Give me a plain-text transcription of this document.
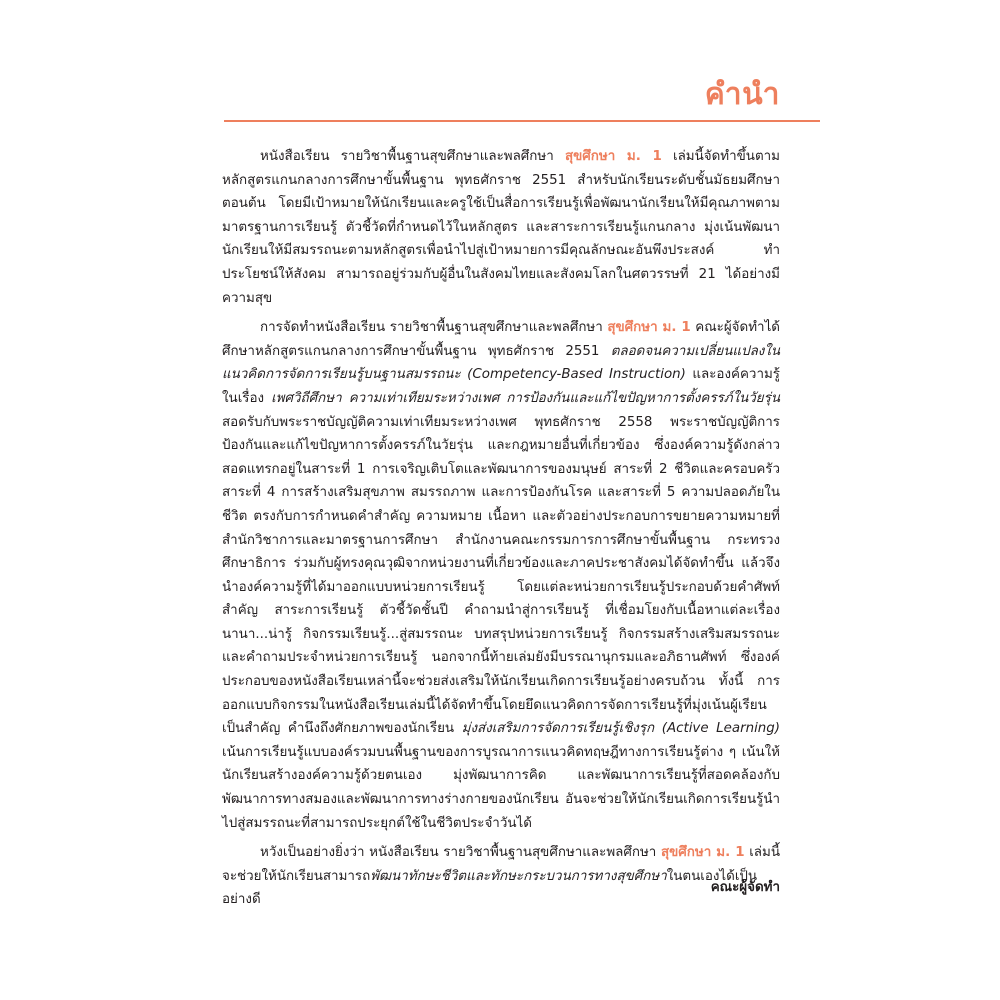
คำนำ

หนังสือเรียน รายวิชาพื้นฐานสุขศึกษาและพลศึกษา สุขศึกษา ม. 1 เล่มนี้จัดทำขึ้นตามหลักสูตรแกนกลางการศึกษาขั้นพื้นฐาน พุทธศักราช 2551 สำหรับนักเรียนระดับชั้นมัธยมศึกษาตอนต้น โดยมีเป้าหมายให้นักเรียนและครูใช้เป็นสื่อการเรียนรู้เพื่อพัฒนานักเรียนให้มีคุณภาพตามมาตรฐานการเรียนรู้ ตัวชี้วัดที่กำหนดไว้ในหลักสูตร และสาระการเรียนรู้แกนกลาง มุ่งเน้นพัฒนานักเรียนให้มีสมรรถนะตามหลักสูตรเพื่อนำไปสู่เป้าหมายการมีคุณลักษณะอันพึงประสงค์ ทำประโยชน์ให้สังคม สามารถอยู่ร่วมกับผู้อื่นในสังคมไทยและสังคมโลกในศตวรรษที่ 21 ได้อย่างมีความสุข

การจัดทำหนังสือเรียน รายวิชาพื้นฐานสุขศึกษาและพลศึกษา สุขศึกษา ม. 1 คณะผู้จัดทำได้ศึกษาหลักสูตรแกนกลางการศึกษาขั้นพื้นฐาน พุทธศักราช 2551 ตลอดจนความเปลี่ยนแปลงในแนวคิดการจัดการเรียนรู้บนฐานสมรรถนะ (Competency-Based Instruction) และองค์ความรู้ในเรื่อง เพศวิถีศึกษา ความเท่าเทียมระหว่างเพศ การป้องกันและแก้ไขปัญหาการตั้งครรภ์ในวัยรุ่น สอดรับกับพระราชบัญญัติความเท่าเทียมระหว่างเพศ พุทธศักราช 2558 พระราชบัญญัติการป้องกันและแก้ไขปัญหาการตั้งครรภ์ในวัยรุ่น และกฎหมายอื่นที่เกี่ยวข้อง ซึ่งองค์ความรู้ดังกล่าวสอดแทรกอยู่ในสาระที่ 1 การเจริญเติบโตและพัฒนาการของมนุษย์ สาระที่ 2 ชีวิตและครอบครัว สาระที่ 4 การสร้างเสริมสุขภาพ สมรรถภาพ และการป้องกันโรค และสาระที่ 5 ความปลอดภัยในชีวิต ตรงกับการกำหนดคำสำคัญ ความหมาย เนื้อหา และตัวอย่างประกอบการขยายความหมายที่สำนักวิชาการและมาตรฐานการศึกษา สำนักงานคณะกรรมการการศึกษาขั้นพื้นฐาน กระทรวงศึกษาธิการ ร่วมกับผู้ทรงคุณวุฒิจากหน่วยงานที่เกี่ยวข้องและภาคประชาสังคมได้จัดทำขึ้น แล้วจึงนำองค์ความรู้ที่ได้มาออกแบบหน่วยการเรียนรู้ โดยแต่ละหน่วยการเรียนรู้ประกอบด้วยคำศัพท์สำคัญ สาระการเรียนรู้ ตัวชี้วัดชั้นปี คำถามนำสู่การเรียนรู้ ที่เชื่อมโยงกับเนื้อหาแต่ละเรื่อง นานา...น่ารู้ กิจกรรมเรียนรู้...สู่สมรรถนะ บทสรุปหน่วยการเรียนรู้ กิจกรรมสร้างเสริมสมรรถนะ และคำถามประจำหน่วยการเรียนรู้ นอกจากนี้ท้ายเล่มยังมีบรรณานุกรมและอภิธานศัพท์ ซึ่งองค์ประกอบของหนังสือเรียนเหล่านี้จะช่วยส่งเสริมให้นักเรียนเกิดการเรียนรู้อย่างครบถ้วน ทั้งนี้ การออกแบบกิจกรรมในหนังสือเรียนเล่มนี้ได้จัดทำขึ้นโดยยึดแนวคิดการจัดการเรียนรู้ที่มุ่งเน้นผู้เรียนเป็นสำคัญ คำนึงถึงศักยภาพของนักเรียน มุ่งส่งเสริมการจัดการเรียนรู้เชิงรุก (Active Learning) เน้นการเรียนรู้แบบองค์รวมบนพื้นฐานของการบูรณาการแนวคิดทฤษฎีทางการเรียนรู้ต่าง ๆ เน้นให้นักเรียนสร้างองค์ความรู้ด้วยตนเอง มุ่งพัฒนาการคิด และพัฒนาการเรียนรู้ที่สอดคล้องกับพัฒนาการทางสมองและพัฒนาการทางร่างกายของนักเรียน อันจะช่วยให้นักเรียนเกิดการเรียนรู้นำไปสู่สมรรถนะที่สามารถประยุกต์ใช้ในชีวิตประจำวันได้

หวังเป็นอย่างยิ่งว่า หนังสือเรียน รายวิชาพื้นฐานสุขศึกษาและพลศึกษา สุขศึกษา ม. 1 เล่มนี้จะช่วยให้นักเรียนสามารถพัฒนาทักษะชีวิตและทักษะกระบวนการทางสุขศึกษาในตนเองได้เป็นอย่างดี

คณะผู้จัดทำ
